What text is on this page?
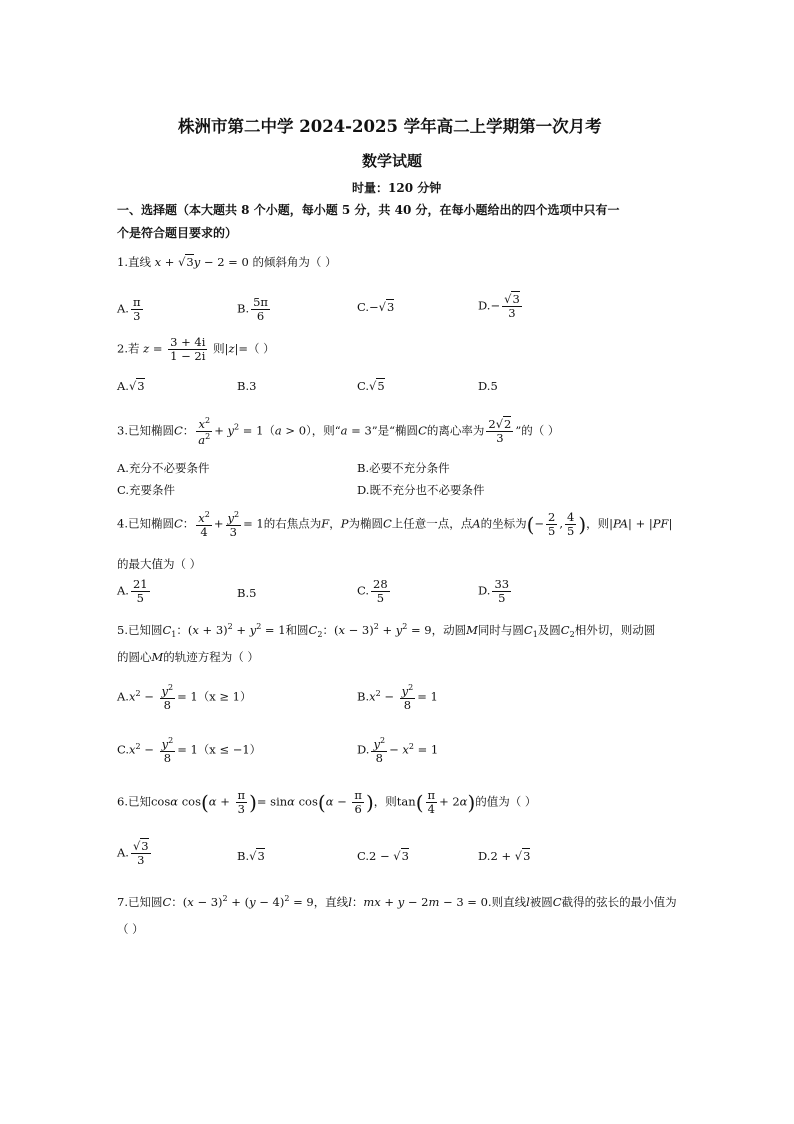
株洲市第二中学 2024-2025 学年高二上学期第一次月考
数学试题
时量：120 分钟
一、选择题（本大题共 8 个小题，每小题 5 分，共 40 分，在每小题给出的四个选项中只有一
个是符合题目要求的）
1.直线 x + √3y − 2 = 0 的倾斜角为（ ）
A. $\frac{\pi}{3}$	B. $\frac{5\pi}{6}$	C.−√3	$D.- \frac{√3}{3}$
2.若 $z = \frac{3 + 4i}{1 - 2i}$ 则|z|=（ ）
A.√3	B.3	C.√5	D.5
3.已知椭圆C： $\frac{x^2}{a^2} + y^2 = 1(a > 0)$，则“a = 3”是“椭圆C的离心率为 $\frac{2√2}{3}$ ”的（ ）
A.充分不必要条件	B.必要不充分条件
C.充要条件	D.既不充分也不必要条件
4.已知椭圆C： $\frac{x^2}{4} + \frac{y^2}{3} = 1$的右焦点为F，P为椭圆C上任意一点，点A的坐标为(− $\frac{2}{5}$ , $\frac{4}{5}$ )，则|PA| + |PF|
的最大值为（ ）
A. $\frac{21}{5}$	B.5	C. $\frac{28}{5}$	D. $\frac{33}{5}$
5.已知圆$C_1$：$(x + 3)^2 + y^2 = 1$和圆$C_2$：$(x - 3)^2 + y^2 = 9$，动圆M同时与圆$C_1$及圆$C_2$相外切，则动圆
的圆心M的轨迹方程为（ ）
$A.x^2 - \frac{y^2}{8} = 1(x \ge 1)$	$B.x^2 - \frac{y^2}{8} = 1$
$C.x^2 - \frac{y^2}{8} = 1(x \le -1)$	D. $\frac{y^2}{8} - x^2 = 1$
6.已知cosα $\cos(\alpha + \frac{\pi}{3}$ )= sinα $\cos(\alpha - \frac{\pi}{6}$ )，则$\tan( \frac{\pi}{4} + 2\alpha)$的值为（ ）
A. $\frac{√3}{3}$	B.√3	C.2 − √3	D.2 + √3
7.已知圆C：$(x - 3)^2 + (y - 4)^2 = 9$，直线l：mx + y − 2m − 3 = 0.则直线l被圆C截得的弦长的最小值为
（ ）
